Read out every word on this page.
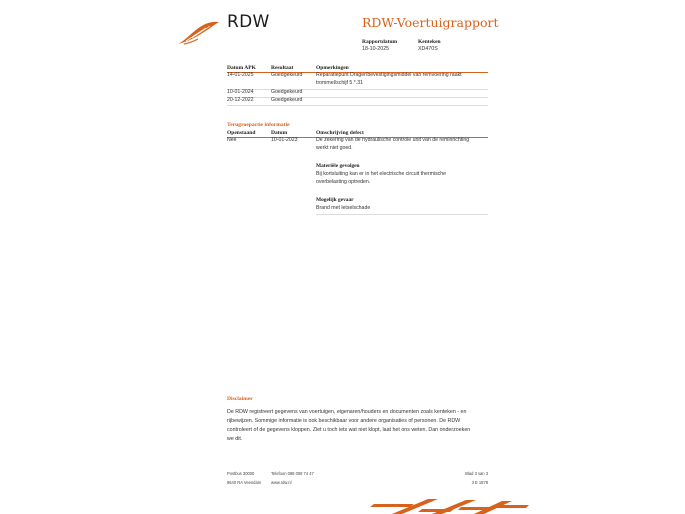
RDW	RDW-Voertuigrapport
Rapportdatum
18-10-2025
Kenteken
XD470S
Datum APK	Resultaat	Opmerkingen
14-01-2025	Goedgekeurd	Reparatiepunt Drager/bevestigingsmiddel van remvoering raakt
trommel/schijf 5.*.31
10-01-2024	Goedgekeurd
20-12-2022	Goedgekeurd
Terugroepactie informatie
Openstaand	Datum	Omschrijving defect
Nee	10-01-2023	De zekering van de hydraulische controle unit van de reminrichting
werkt niet goed.
Materiële gevolgen
Bij kortsluiting kan er in het electrische circuit thermische
overbelasting optreden.
Mogelijk gevaar
Brand met letselschade
Disclaimer
De RDW registreert gegevens van voertuigen, eigenaren/houders en documenten zoals kenteken - en
rijbewijzen. Sommige informatie is ook beschikbaar voor andere organisaties of personen. De RDW
controleert of de gegevens kloppen. Ziet u toch iets wat niet klopt, laat het ons weten. Dan onderzoeken
we dit.
Postbus 30000
9640 RA Veendam
Telefoon 088 008 74 47
www.rdw.nl
Blad 3 van 3
3 E 1878
